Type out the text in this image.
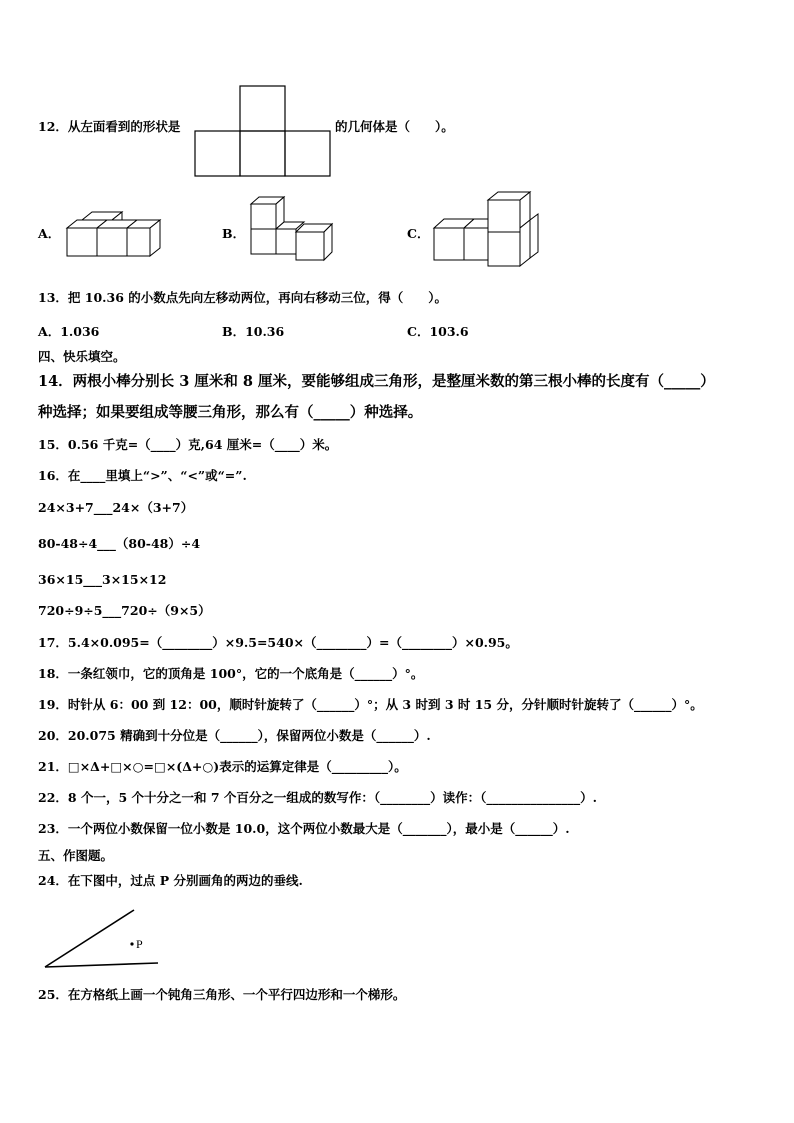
12．从左面看到的形状是	的几何体是（　　）。
A．	B．	C．
13．把 10.36 的小数点先向左移动两位，再向右移动三位，得（　　）。
A．1.036	B．10.36	C．103.6
四、快乐填空。
14．两根小棒分别长 3 厘米和 8 厘米，要能够组成三角形，是整厘米数的第三根小棒的长度有（_____）
种选择；如果要组成等腰三角形，那么有（_____）种选择。
15．0.56 千克=（____）克,64 厘米=（____）米。
16．在____里填上“>”、“<”或“=”.
24×3+7___24×（3+7）
80-48÷4___（80-48）÷4
36×15___3×15×12
720÷9÷5___720÷（9×5）
17．5.4×0.095=（________）×9.5=540×（________）=（________）×0.95。
18．一条红领巾，它的顶角是 100°，它的一个底角是（______）°。
19．时针从 6：00 到 12：00，顺时针旋转了（______）°；从 3 时到 3 时 15 分，分针顺时针旋转了（______）°。
20．20.075 精确到十分位是（______），保留两位小数是（______）.
21．□×Δ+□×○=□×(Δ+○)表示的运算定律是（_________）。
22．8 个一，5 个十分之一和 7 个百分之一组成的数写作：（________）读作：（_______________）.
23．一个两位小数保留一位小数是 10.0，这个两位小数最大是（_______），最小是（______）.
五、作图题。
24．在下图中，过点 P 分别画角的两边的垂线.
P
25．在方格纸上画一个钝角三角形、一个平行四边形和一个梯形。
